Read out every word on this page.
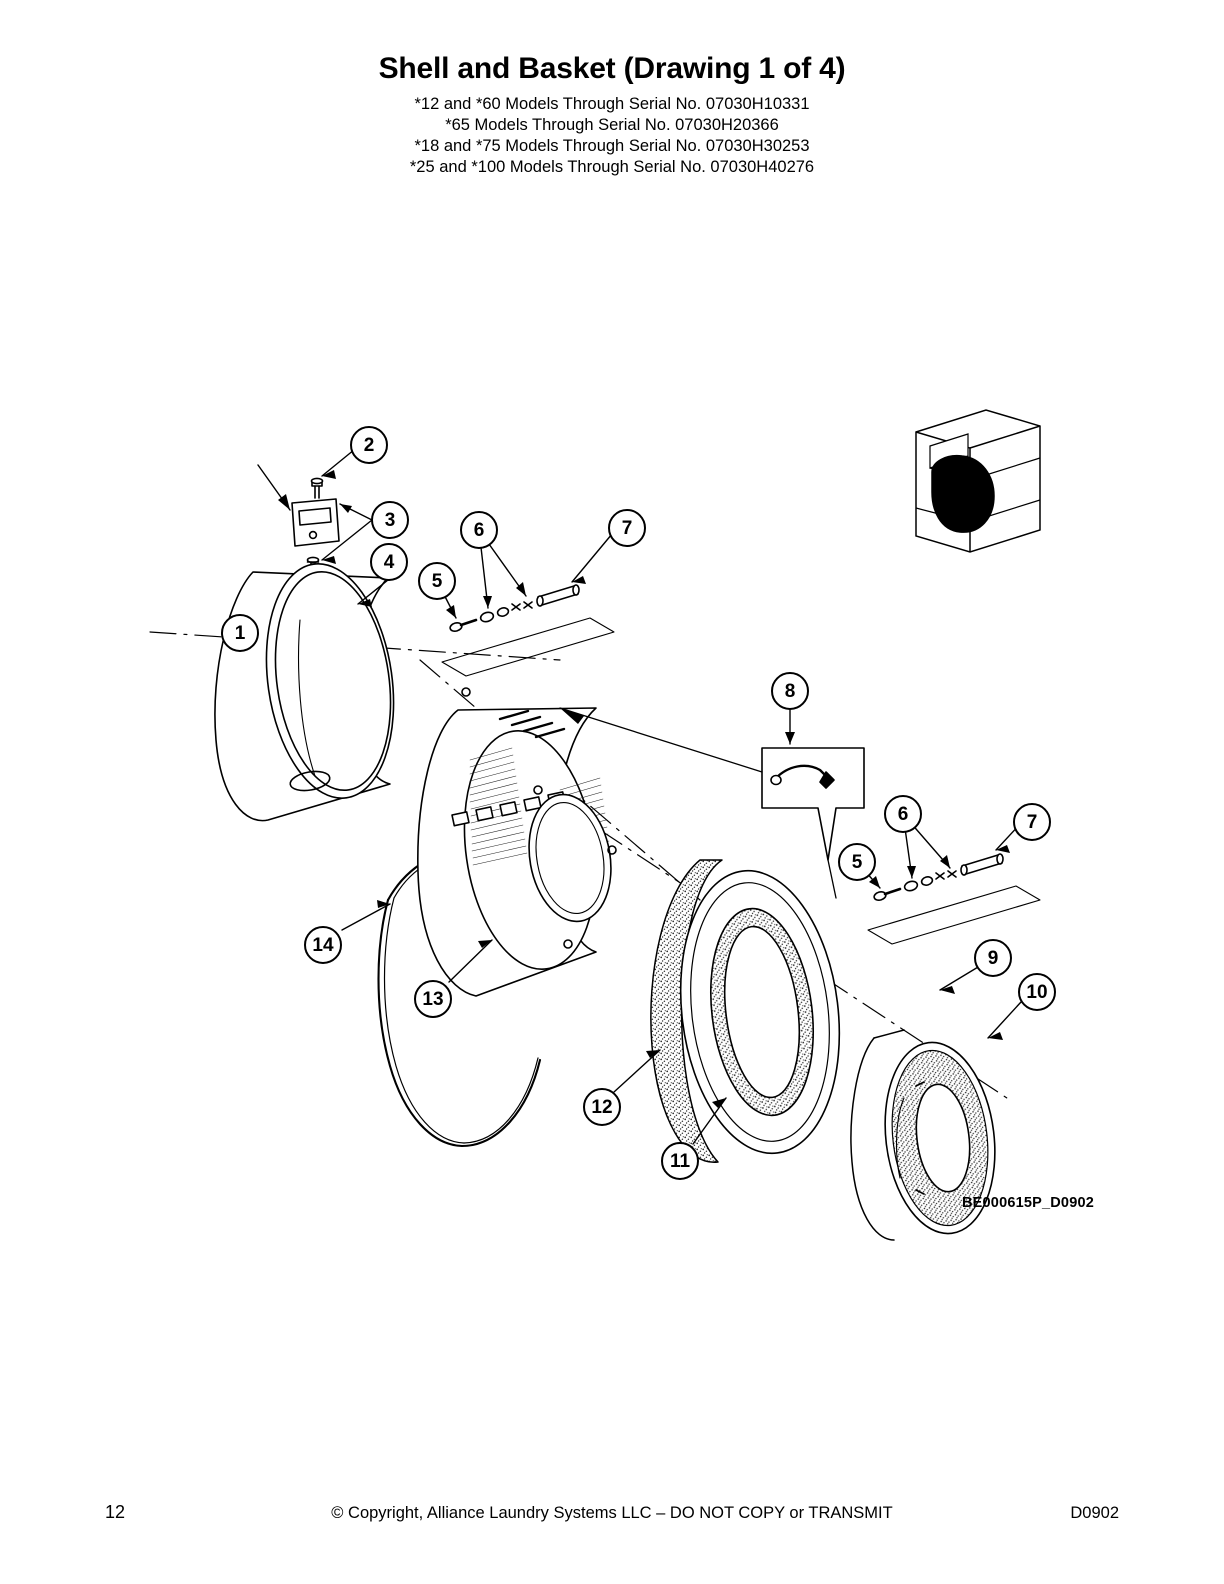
Shell and Basket (Drawing 1 of 4)

*12 and *60 Models Through Serial No. 07030H10331

*65 Models Through Serial No. 07030H20366

*18 and *75 Models Through Serial No. 07030H30253

*25 and *100 Models Through Serial No. 07030H40276

1
2
3
4
5
6	7
8
5
6	7
9
10
11
12
13
14
BE000615P_D0902
12	© Copyright, Alliance Laundry Systems LLC – DO NOT COPY or TRANSMIT	D0902
